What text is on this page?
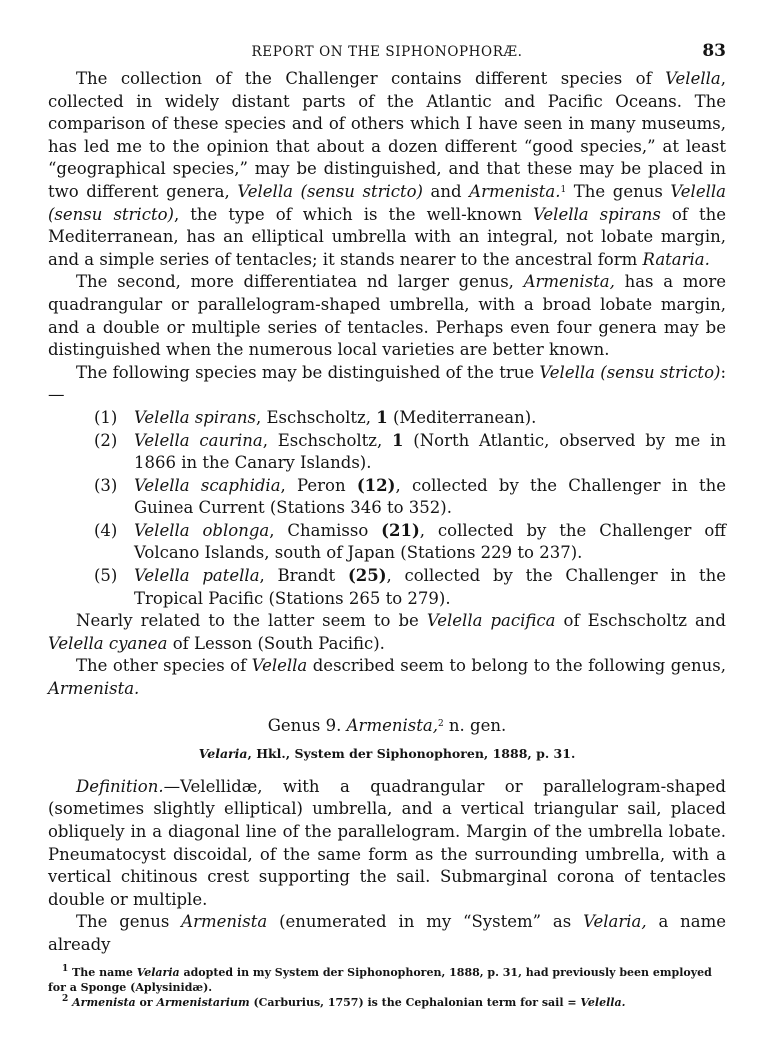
REPORT ON THE SIPHONOPHORÆ.	83

The collection of the Challenger contains different species of Velella, collected in widely distant parts of the Atlantic and Pacific Oceans. The comparison of these species and of others which I have seen in many museums, has led me to the opinion that about a dozen different “good species,” at least “geographical species,” may be distinguished, and that these may be placed in two different genera, Velella (sensu stricto) and Armenista.$^1$ The genus Velella (sensu stricto), the type of which is the well-known Velella spirans of the Mediterranean, has an elliptical umbrella with an integral, not lobate margin, and a simple series of tentacles; it stands nearer to the ancestral form Rataria.

The second, more differentiatea nd larger genus, Armenista, has a more quadrangular or parallelogram-shaped umbrella, with a broad lobate margin, and a double or multiple series of tentacles. Perhaps even four genera may be distinguished when the numerous local varieties are better known.

The following species may be distinguished of the true Velella (sensu stricto):—

(1) Velella spirans, Eschscholtz, 1 (Mediterranean).
(2) Velella caurina, Eschscholtz, 1 (North Atlantic, observed by me in 1866 in the Canary Islands).
(3) Velella scaphidia, Peron (12), collected by the Challenger in the Guinea Current (Stations 346 to 352).
(4) Velella oblonga, Chamisso (21), collected by the Challenger off Volcano Islands, south of Japan (Stations 229 to 237).
(5) Velella patella, Brandt (25), collected by the Challenger in the Tropical Pacific (Stations 265 to 279).

Nearly related to the latter seem to be Velella pacifica of Eschscholtz and Velella cyanea of Lesson (South Pacific).

The other species of Velella described seem to belong to the following genus, Armenista.

Genus 9. Armenista,$^2$ n. gen.
Velaria, Hkl., System der Siphonophoren, 1888, p. 31.

Definition.—Velellidæ, with a quadrangular or parallelogram-shaped (sometimes slightly elliptical) umbrella, and a vertical triangular sail, placed obliquely in a diagonal line of the parallelogram. Margin of the umbrella lobate. Pneumatocyst discoidal, of the same form as the surrounding umbrella, with a vertical chitinous crest supporting the sail. Submarginal corona of tentacles double or multiple.

The genus Armenista (enumerated in my “System” as Velaria, a name already

$^1$ The name Velaria adopted in my System der Siphonophoren, 1888, p. 31, had previously been employed for a Sponge (Aplysinidæ).

$^2$ Armenista or Armenistarium (Carburius, 1757) is the Cephalonian term for sail = Velella.
